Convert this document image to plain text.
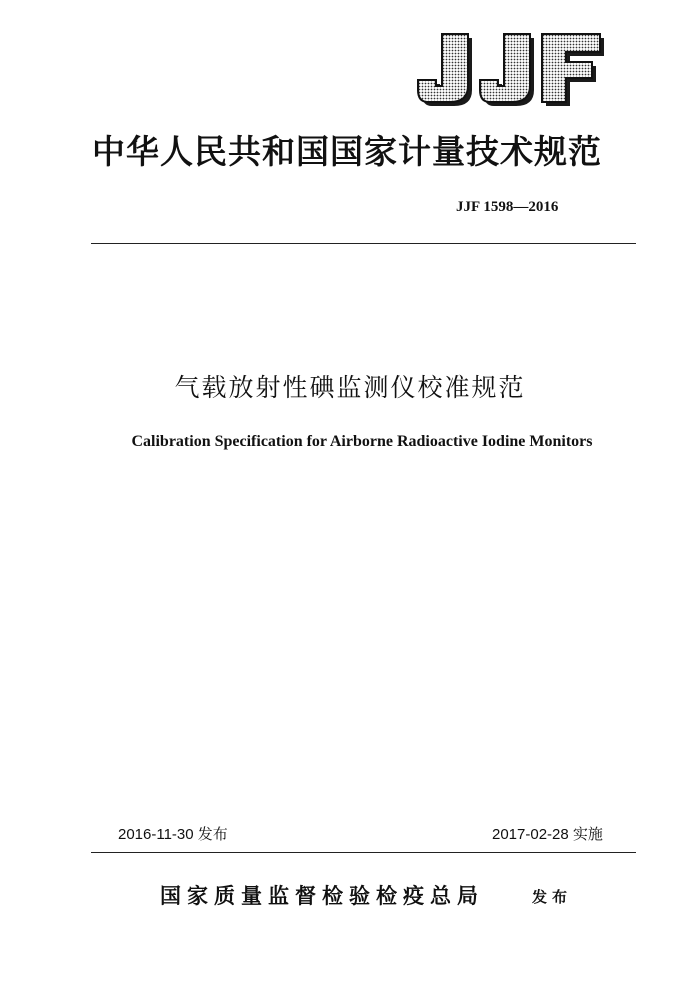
中华人民共和国国家计量技术规范
JJF 1598—2016
气载放射性碘监测仪校准规范
Calibration Specification for Airborne Radioactive Iodine Monitors
2016-11-30 发布	2017-02-28 实施
国家质量监督检验检疫总局	发布
